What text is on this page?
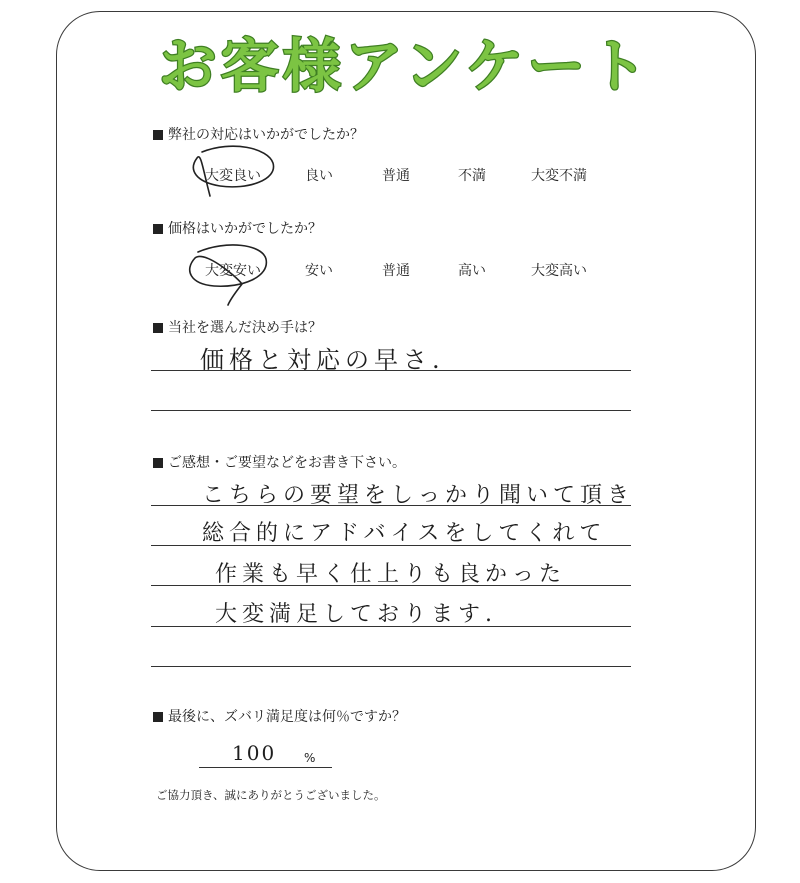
お客様アンケート
弊社の対応はいかがでしたか？
大変良い	良い	普通	不満	大変不満
価格はいかがでしたか？
大変安い	安い	普通	高い	大変高い
当社を選んだ決め手は？
価格と対応の早さ.
ご感想・ご要望などをお書き下さい。
こちらの要望をしっかり聞いて頂き
総合的にアドバイスをしてくれて
作業も早く仕上りも良かった
大変満足しております.
最後に、ズバリ満足度は何％ですか？
100 %
ご協力頂き、誠にありがとうございました。
